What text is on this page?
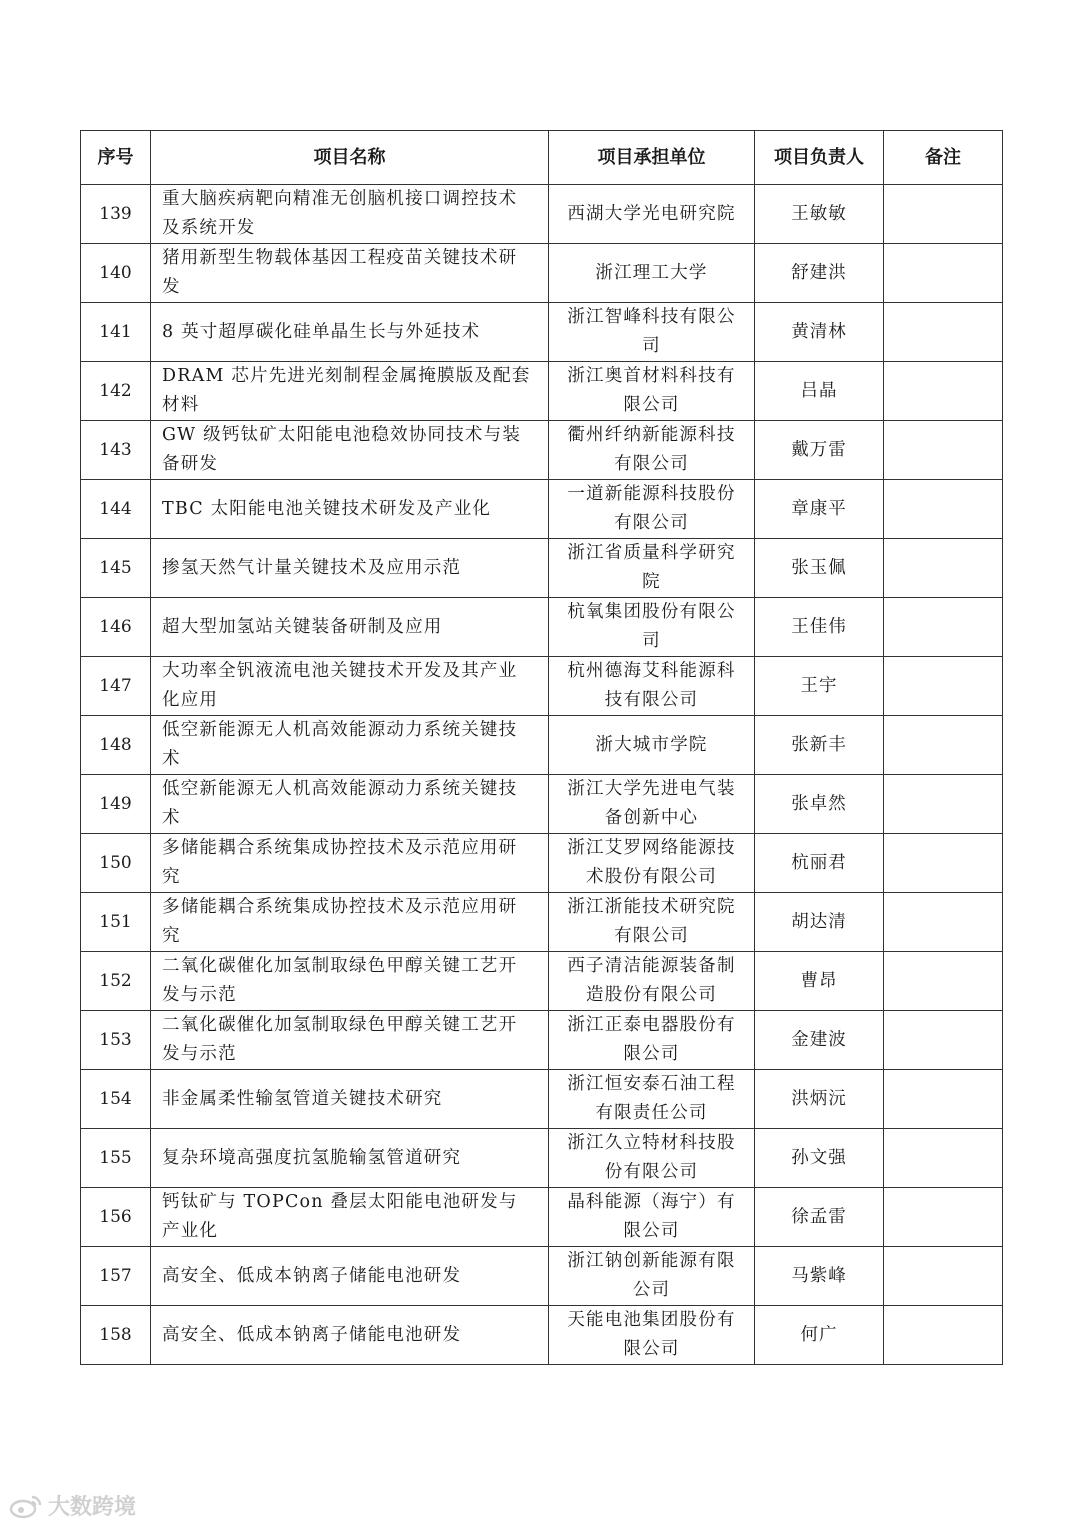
序号	项目名称	项目承担单位	项目负责人	备注
139	重大脑疾病靶向精准无创脑机接口调控技术及系统开发	西湖大学光电研究院	王敏敏	
140	猪用新型生物载体基因工程疫苗关键技术研发	浙江理工大学	舒建洪	
141	8 英寸超厚碳化硅单晶生长与外延技术	浙江智峰科技有限公司	黄清林	
142	DRAM 芯片先进光刻制程金属掩膜版及配套材料	浙江奥首材料科技有限公司	吕晶	
143	GW 级钙钛矿太阳能电池稳效协同技术与装备研发	衢州纤纳新能源科技有限公司	戴万雷	
144	TBC 太阳能电池关键技术研发及产业化	一道新能源科技股份有限公司	章康平	
145	掺氢天然气计量关键技术及应用示范	浙江省质量科学研究院	张玉佩	
146	超大型加氢站关键装备研制及应用	杭氧集团股份有限公司	王佳伟	
147	大功率全钒液流电池关键技术开发及其产业化应用	杭州德海艾科能源科技有限公司	王宇	
148	低空新能源无人机高效能源动力系统关键技术	浙大城市学院	张新丰	
149	低空新能源无人机高效能源动力系统关键技术	浙江大学先进电气装备创新中心	张卓然	
150	多储能耦合系统集成协控技术及示范应用研究	浙江艾罗网络能源技术股份有限公司	杭丽君	
151	多储能耦合系统集成协控技术及示范应用研究	浙江浙能技术研究院有限公司	胡达清	
152	二氧化碳催化加氢制取绿色甲醇关键工艺开发与示范	西子清洁能源装备制造股份有限公司	曹昂	
153	二氧化碳催化加氢制取绿色甲醇关键工艺开发与示范	浙江正泰电器股份有限公司	金建波	
154	非金属柔性输氢管道关键技术研究	浙江恒安泰石油工程有限责任公司	洪炳沅	
155	复杂环境高强度抗氢脆输氢管道研究	浙江久立特材科技股份有限公司	孙文强	
156	钙钛矿与 TOPCon 叠层太阳能电池研发与产业化	晶科能源（海宁）有限公司	徐孟雷	
157	高安全、低成本钠离子储能电池研发	浙江钠创新能源有限公司	马紫峰	
158	高安全、低成本钠离子储能电池研发	天能电池集团股份有限公司	何广	
大数跨境
